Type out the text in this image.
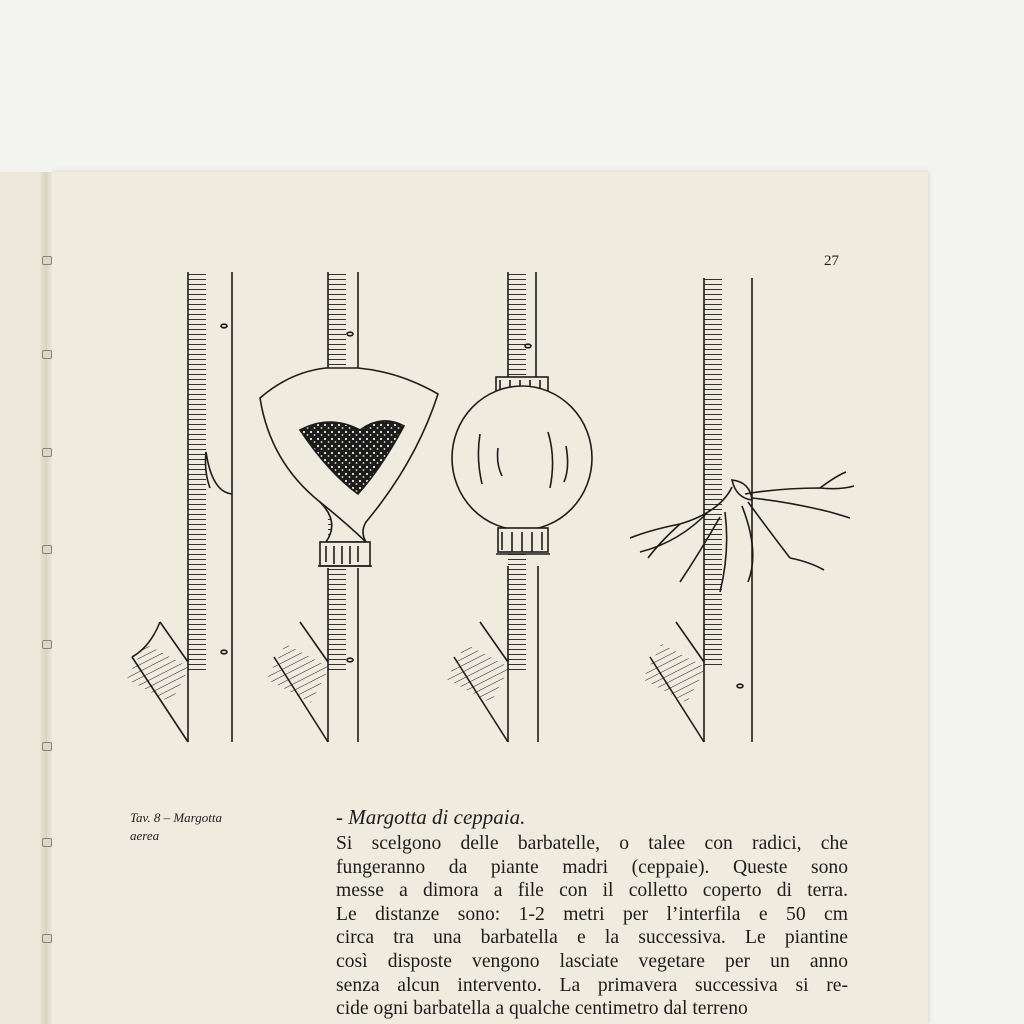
27
Tav. 8 – Margotta
aerea
- Margotta di ceppaia.
Si scelgono delle barbatelle, o talee con radici, che
fungeranno da piante madri (ceppaie). Queste sono
messe a dimora a file con il colletto coperto di terra.
Le distanze sono: 1-2 metri per l’interfila e 50 cm
circa tra una barbatella e la successiva. Le piantine
così disposte vengono lasciate vegetare per un anno
senza alcun intervento. La primavera successiva si re-
cide ogni barbatella a qualche centimetro dal terreno
